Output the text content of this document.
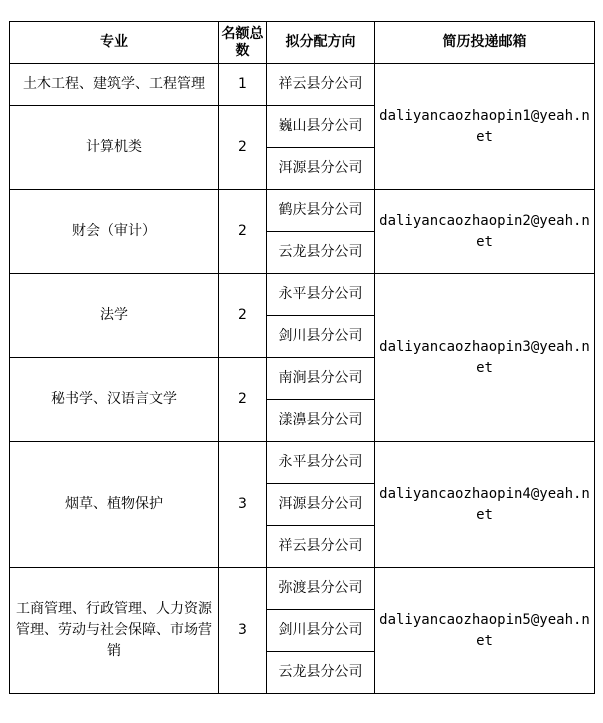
专业	名额总数	拟分配方向	简历投递邮箱
土木工程、建筑学、工程管理	1	祥云县分公司	daliyancaozhaopin1@yeah.net
计算机类	2	巍山县分公司	
		洱源县分公司	
财会（审计）	2	鹤庆县分公司	daliyancaozhaopin2@yeah.net
		云龙县分公司	
法学	2	永平县分公司	daliyancaozhaopin3@yeah.net
		剑川县分公司	
秘书学、汉语言文学	2	南涧县分公司	
		漾濞县分公司	
烟草、植物保护	3	永平县分公司	daliyancaozhaopin4@yeah.net
		洱源县分公司	
		祥云县分公司	
工商管理、行政管理、人力资源管理、劳动与社会保障、市场营销	3	弥渡县分公司	daliyancaozhaopin5@yeah.net
		剑川县分公司	
		云龙县分公司	
